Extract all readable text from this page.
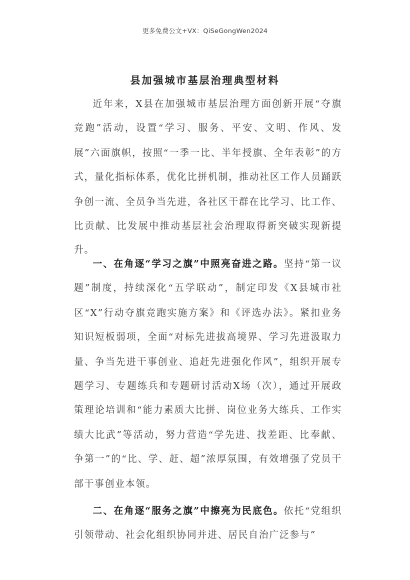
更多免费公文+VX：QiSeGongWen2024
县加强城市基层治理典型材料

近年来，X县在加强城市基层治理方面创新开展“夺旗竞跑”活动，设置“学习、服务、平安、文明、作风、发展”六面旗帜，按照“一季一比、半年授旗、全年表彰”的方式，量化指标体系，优化比拼机制，推动社区工作人员踊跃争创一流、全员争当先进，各社区干群在比学习、比工作、比贡献、比发展中推动基层社会治理取得新突破实现新提升。

一、在角逐“学习之旗”中照亮奋进之路。坚持“第一议题”制度，持续深化“五学联动”，制定印发《X县城市社区“X”行动夺旗竞跑实施方案》和《评选办法》。紧扣业务知识短板弱项，全面“对标先进拔高境界、学习先进汲取力量、争当先进干事创业、追赶先进强化作风”，组织开展专题学习、专题练兵和专题研讨活动X场（次），通过开展政策理论培训和“能力素质大比拼、岗位业务大练兵、工作实绩大比武”等活动，努力营造“学先进、找差距、比奉献、争第一”的“比、学、赶、超”浓厚氛围，有效增强了党员干部干事创业本领。

二、在角逐“服务之旗”中擦亮为民底色。依托“党组织引领带动、社会化组织协同并进、居民自治广泛参与”
